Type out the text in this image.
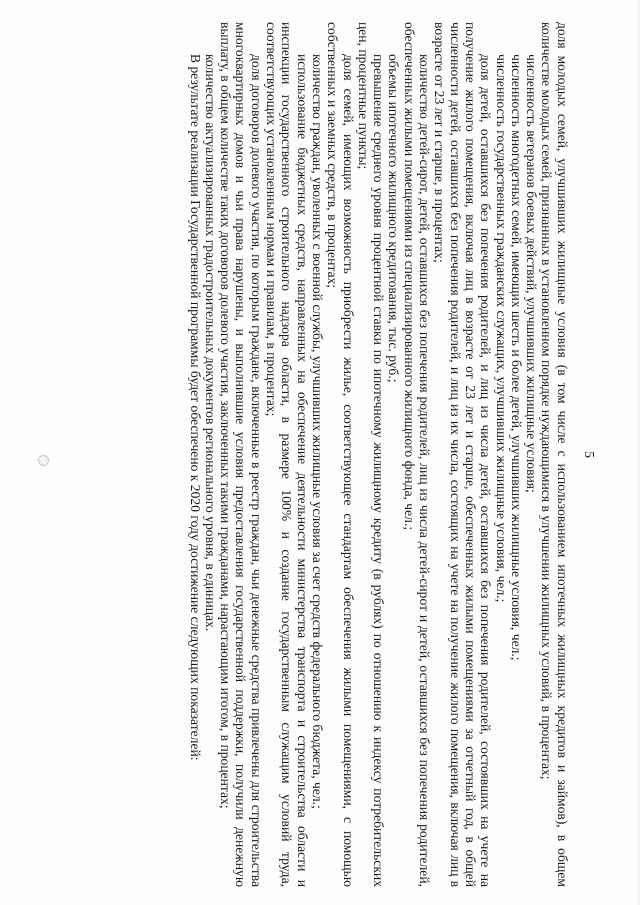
5

доля молодых семей, улучшивших жилищные условия (в том числе с использованием ипотечных жилищных кредитов и займов), в общем количестве молодых семей, признанных в установленном порядке нуждающимися в улучшении жилищных условий, в процентах;

численность ветеранов боевых действий, улучшивших жилищные условия;

численность многодетных семей, имеющих шесть и более детей, улучшивших жилищные условия, чел.;

численность государственных гражданских служащих, улучшивших жилищные условия, чел.;

доля детей, оставшихся без попечения родителей, и лиц из числа детей, оставшихся без попечения родителей, состоявших на учете на получение жилого помещения, включая лиц в возрасте от 23 лет и старше, обеспеченных жилыми помещениями за отчетный год, в общей численности детей, оставшихся без попечения родителей, и лиц из их числа, состоящих на учете на получение жилого помещения, включая лиц в возрасте от 23 лет и старше, в процентах;

количество детей-сирот, детей, оставшихся без попечения родителей, лиц из числа детей-сирот и детей, оставшихся без попечения родителей, обеспеченных жилыми помещениями из специализированного жилищного фонда, чел.;

объемы ипотечного жилищного кредитования, тыс. руб.;

превышение среднего уровня процентной ставки по ипотечному жилищному кредиту (в рублях) по отношению к индексу потребительских цен, процентные пункты;

доля семей, имеющих возможность приобрести жилье, соответствующее стандартам обеспечения жилыми помещениями, с помощью собственных и заемных средств, в процентах;

количество граждан, уволенных с военной службы, улучшивших жилищные условия за счет средств федерального бюджета, чел.;

использование бюджетных средств, направленных на обеспечение деятельности министерства транспорта и строительства области и инспекции государственного строительного надзора области, в размере 100% и создание государственным служащим условий труда, соответствующих установленным нормам и правилам, в процентах;

доля договоров долевого участия, по которым граждане, включенные в реестр граждан, чьи денежные средства привлечены для строительства многоквартирных домов и чьи права нарушены, и выполнившие условия предоставления государственной поддержки, получили денежную выплату, в общем количестве таких договоров долевого участия, заключенных такими гражданами, нарастающим итогом, в процентах;

количество актуализированных градостроительных документов регионального уровня, в единицах.

В результате реализации Государственной программы будет обеспечено к 2020 году достижение следующих показателей:
